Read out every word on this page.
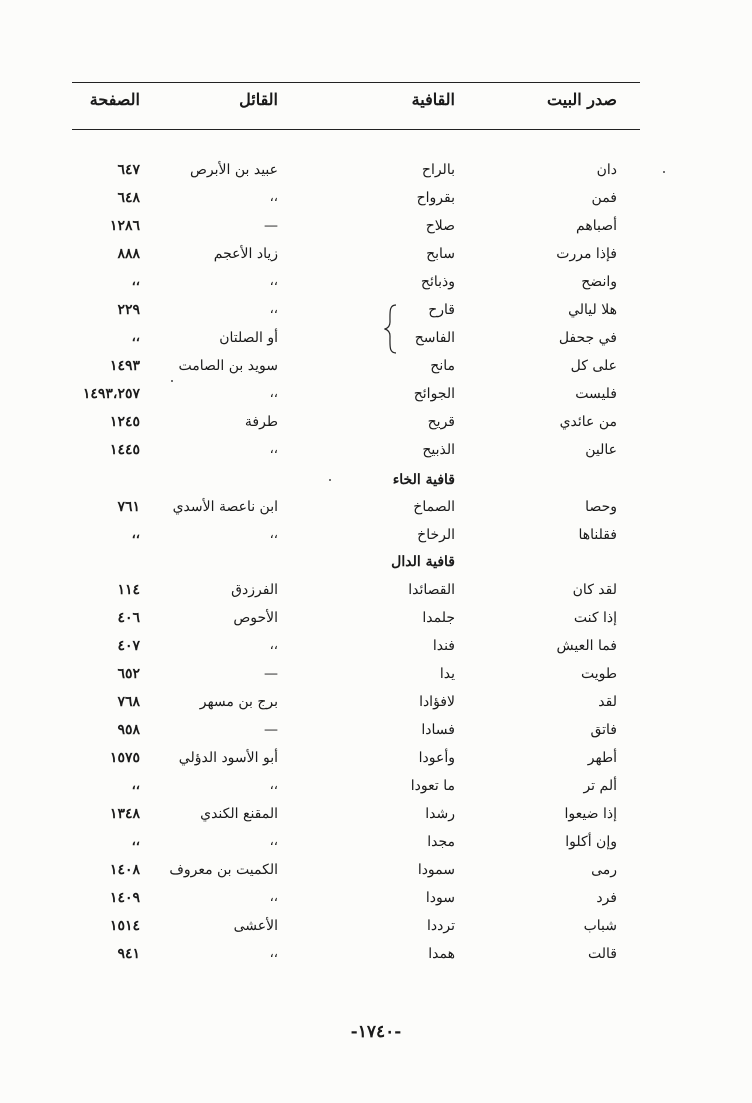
صدر البيت
القافية
القائل
الصفحة
دان
بالراح
عبيد بن الأبرص
٦٤٧
فمن
بقرواح
،،
٦٤٨
أصباهم
صلاح
—
١٢٨٦
فإذا مررت
سابح
زياد الأعجم
٨٨٨
وانضح
وذبائح
،،
،،
هلا ليالي
قارح
،،
٢٢٩
في جحفل
الفاسح
أو الصلتان
،،
على كل
مانح
سويد بن الصامت
١٤٩٣
فليست
الجوائح
،،
١٤٩٣،٢٥٧
من عائدي
قريح
طرفة
١٢٤٥
عالين
الذبيح
،،
١٤٤٥
وحصا
الصماخ
ابن ناعصة الأسدي
٧٦١
فقلناها
الرخاخ
،،
،،
لقد كان
القصائدا
الفرزدق
١١٤
إذا كنت
جلمدا
الأحوص
٤٠٦
فما العيش
فندا
،،
٤٠٧
طويت
يدا
—
٦٥٢
لقد
لافؤادا
برج بن مسهر
٧٦٨
فاتق
فسادا
—
٩٥٨
أطهر
وأعودا
أبو الأسود الدؤلي
١٥٧٥
ألم تر
ما تعودا
،،
،،
إذا ضيعوا
رشدا
المقنع الكندي
١٣٤٨
وإن أكلوا
مجدا
،،
،،
رمى
سمودا
الكميت بن معروف
١٤٠٨
فرد
سودا
،،
١٤٠٩
شباب
ترددا
الأعشى
١٥١٤
قالت
همدا
،،
٩٤١
قافية الخاء
قافية الدال
-١٧٤٠-
